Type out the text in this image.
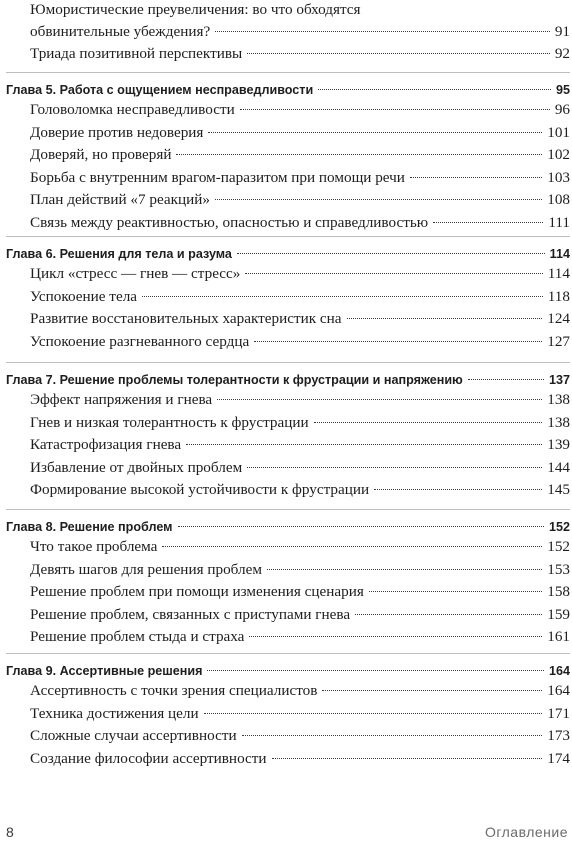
Юмористические преувеличения: во что обходятся
обвинительные убеждения?	91
Триада позитивной перспективы	92
Глава 5. Работа с ощущением несправедливости	95
Головоломка несправедливости	96
Доверие против недоверия	101
Доверяй, но проверяй	102
Борьба с внутренним врагом-паразитом при помощи речи	103
План действий «7 реакций»	108
Связь между реактивностью, опасностью и справедливостью	111
Глава 6. Решения для тела и разума	114
Цикл «стресс — гнев — стресс»	114
Успокоение тела	118
Развитие восстановительных характеристик сна	124
Успокоение разгневанного сердца	127
Глава 7. Решение проблемы толерантности к фрустрации и напряжению	137
Эффект напряжения и гнева	138
Гнев и низкая толерантность к фрустрации	138
Катастрофизация гнева	139
Избавление от двойных проблем	144
Формирование высокой устойчивости к фрустрации	145
Глава 8. Решение проблем	152
Что такое проблема	152
Девять шагов для решения проблем	153
Решение проблем при помощи изменения сценария	158
Решение проблем, связанных с приступами гнева	159
Решение проблем стыда и страха	161
Глава 9. Ассертивные решения	164
Ассертивность с точки зрения специалистов	164
Техника достижения цели	171
Сложные случаи ассертивности	173
Создание философии ассертивности	174
8	Оглавление
